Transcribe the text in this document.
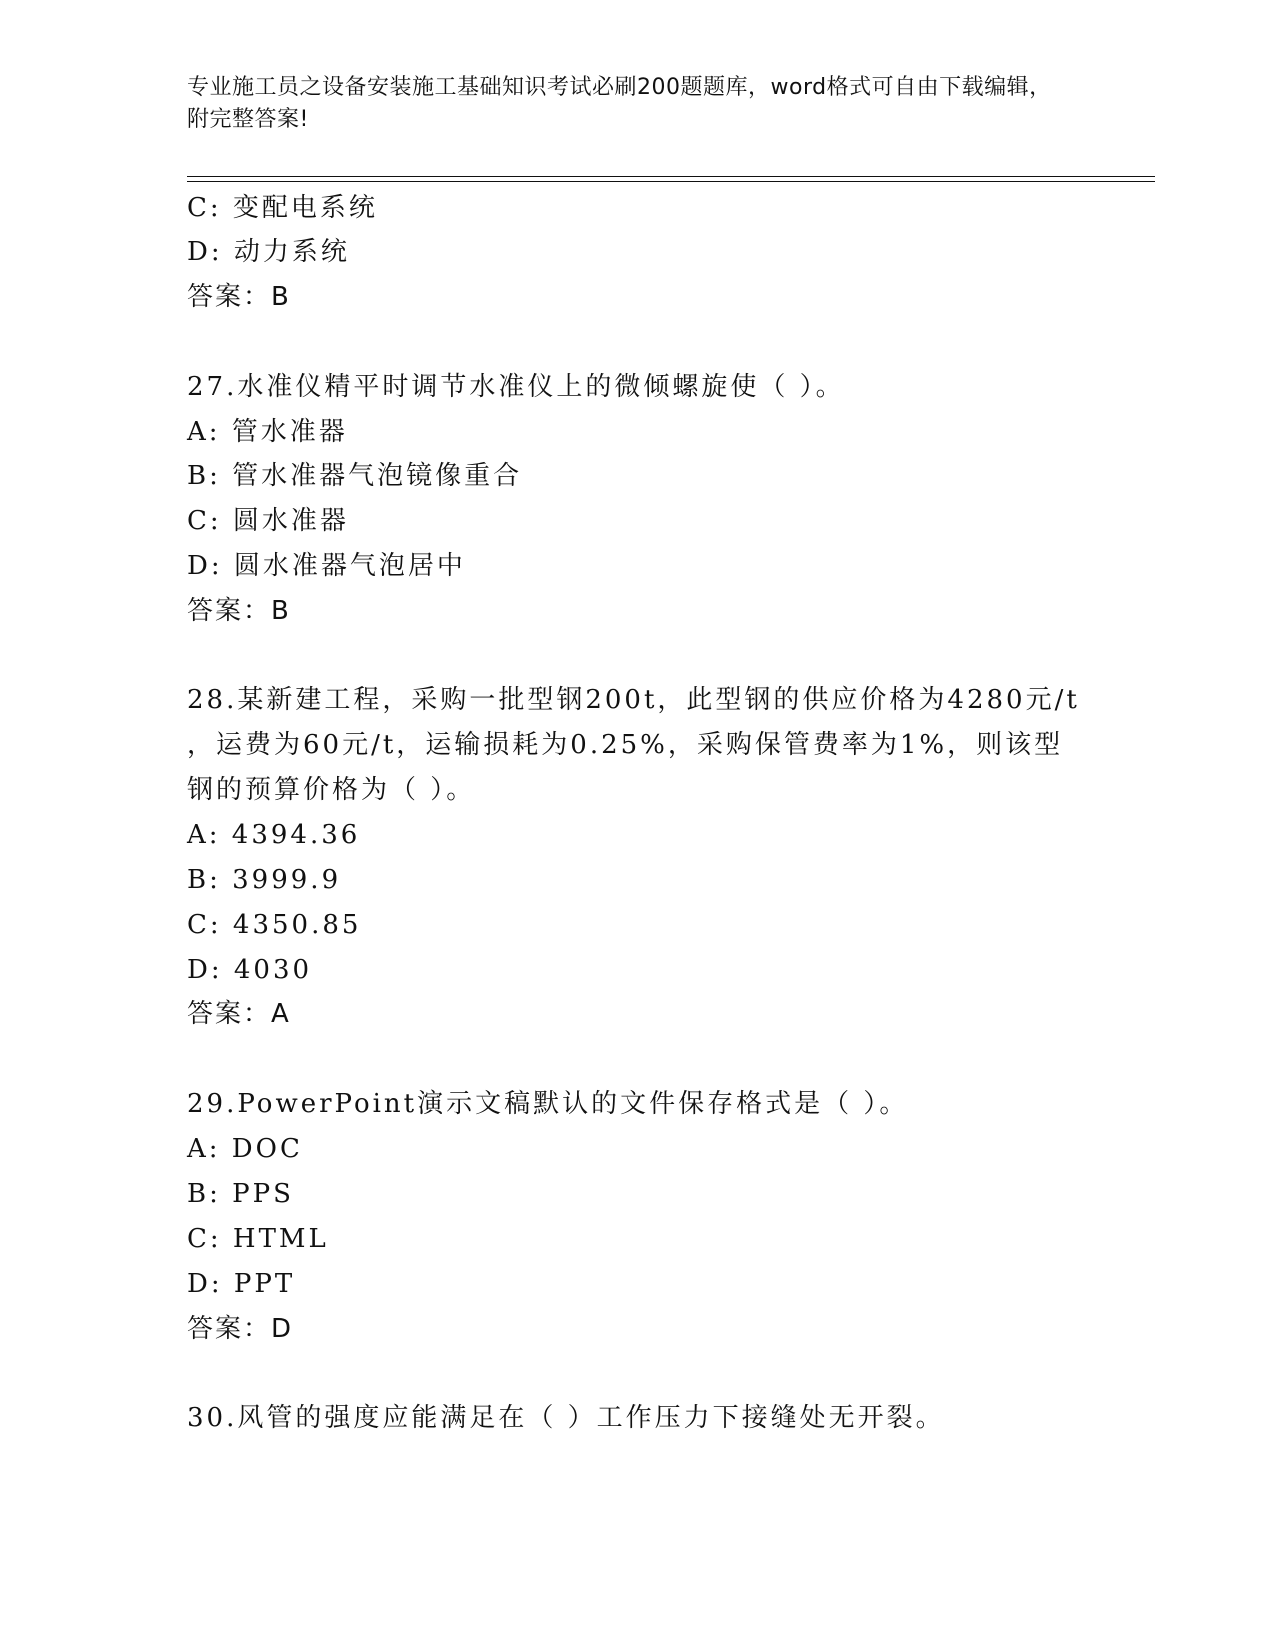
专业施工员之设备安装施工基础知识考试必刷200题题库，word格式可自由下载编辑，附完整答案!
C: 变配电系统
D: 动力系统
答案：B
27.水准仪精平时调节水准仪上的微倾螺旋使（ ）。
A: 管水准器
B: 管水准器气泡镜像重合
C: 圆水准器
D: 圆水准器气泡居中
答案：B
28.某新建工程，采购一批型钢200t，此型钢的供应价格为4280元/t
，运费为60元/t，运输损耗为0.25%，采购保管费率为1%，则该型
钢的预算价格为（ ）。
A: 4394.36
B: 3999.9
C: 4350.85
D: 4030
答案：A
29.PowerPoint演示文稿默认的文件保存格式是（ ）。
A: DOC
B: PPS
C: HTML
D: PPT
答案：D
30.风管的强度应能满足在（ ）工作压力下接缝处无开裂。
